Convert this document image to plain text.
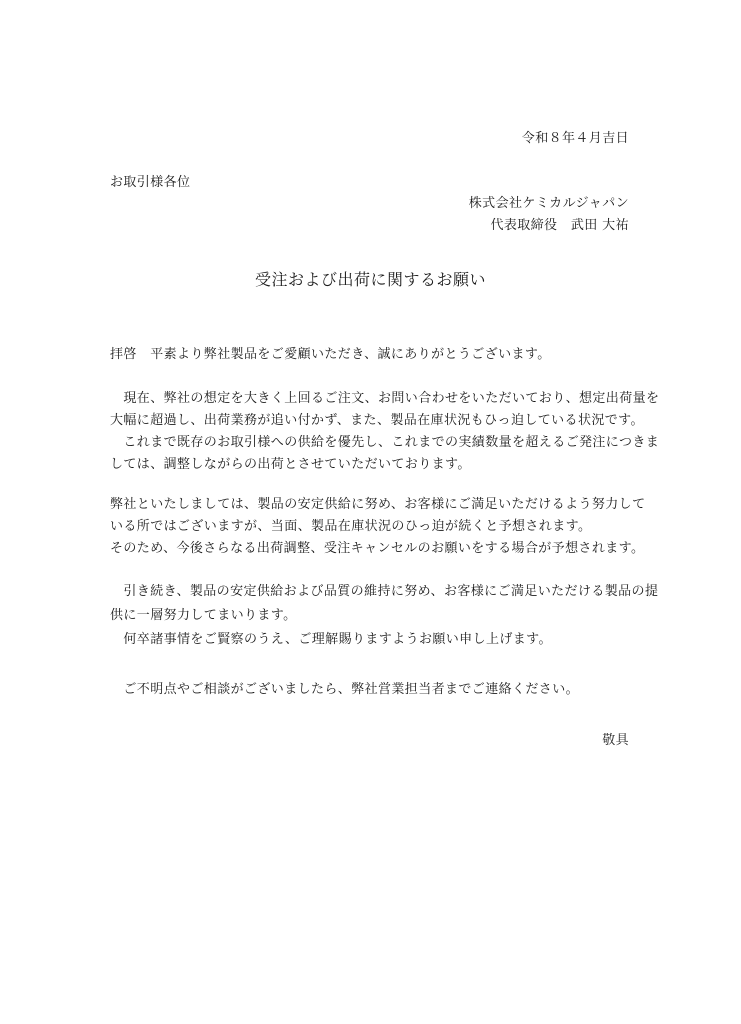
令和８年４月吉日
お取引様各位
株式会社ケミカルジャパン
代表取締役　武田 大祐
受注および出荷に関するお願い
拝啓　平素より弊社製品をご愛顧いただき、誠にありがとうございます。
　現在、弊社の想定を大きく上回るご注文、お問い合わせをいただいており、想定出荷量を
大幅に超過し、出荷業務が追い付かず、また、製品在庫状況もひっ迫している状況です。
　これまで既存のお取引様への供給を優先し、これまでの実績数量を超えるご発注につきま
しては、調整しながらの出荷とさせていただいております。
弊社といたしましては、製品の安定供給に努め、お客様にご満足いただけるよう努力して
いる所ではございますが、当面、製品在庫状況のひっ迫が続くと予想されます。
そのため、今後さらなる出荷調整、受注キャンセルのお願いをする場合が予想されます。
　引き続き、製品の安定供給および品質の維持に努め、お客様にご満足いただける製品の提
供に一層努力してまいります。
　何卒諸事情をご賢察のうえ、ご理解賜りますようお願い申し上げます。
　ご不明点やご相談がございましたら、弊社営業担当者までご連絡ください。
敬具
